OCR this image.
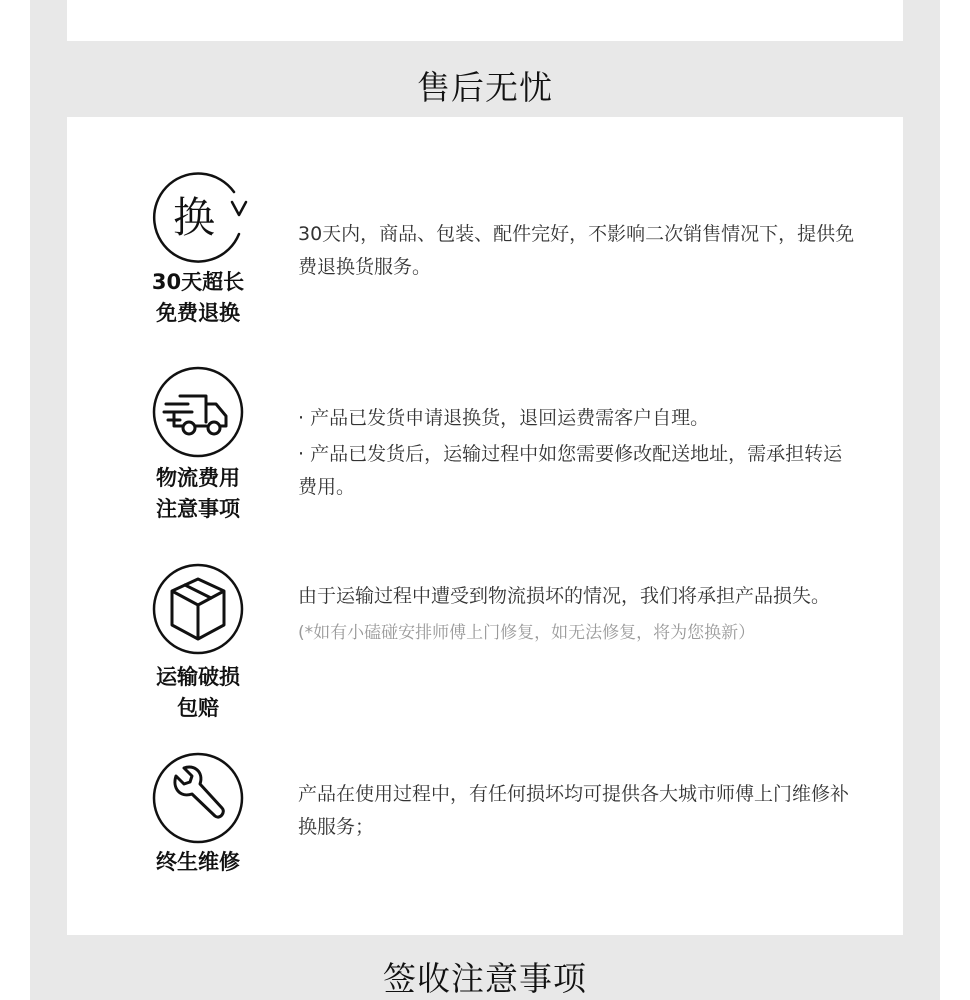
售后无忧
换
30天超长
免费退换

30天内，商品、包装、配件完好，不影响二次销售情况下，提供免费退换货服务。

物流费用
注意事项

· 产品已发货申请退换货，退回运费需客户自理。

· 产品已发货后，运输过程中如您需要修改配送地址，需承担转运费用。

运输破损
包赔

由于运输过程中遭受到物流损坏的情况，我们将承担产品损失。

(*如有小磕碰安排师傅上门修复，如无法修复，将为您换新）

终生维修

产品在使用过程中，有任何损坏均可提供各大城市师傅上门维修补换服务；

签收注意事项
